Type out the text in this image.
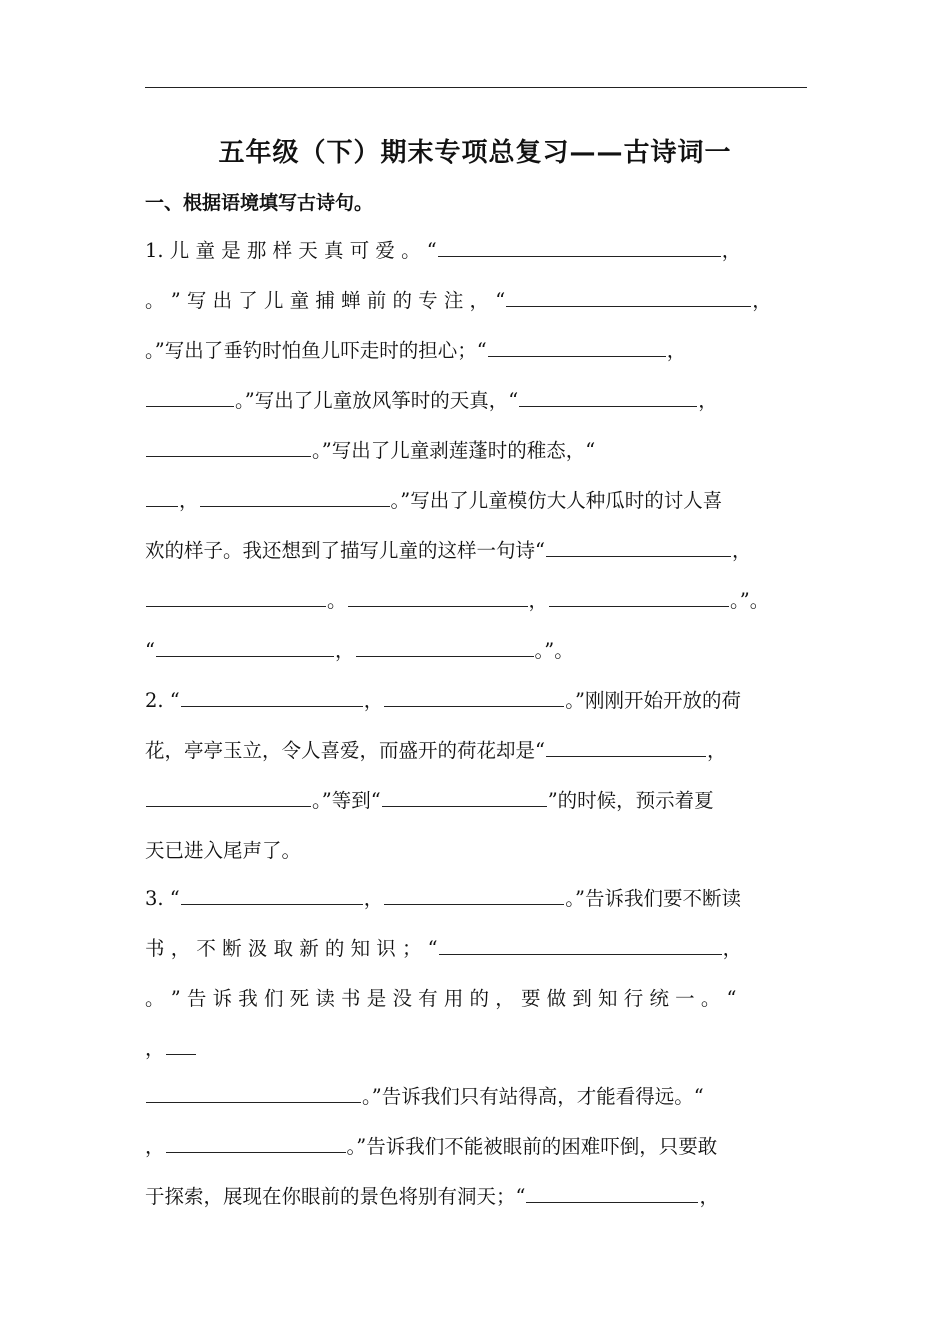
五年级（下）期末专项总复习——古诗词一
一、根据语境填写古诗句。
1. 儿 童 是 那 样 天 真 可 爱 。 “	，
。 ” 写 出 了 儿 童 捕 蝉 前 的 专 注 ， “	，
。”写出了垂钓时怕鱼儿吓走时的担心；“	，
。”写出了儿童放风筝时的天真，“	，
。”写出了儿童剥莲蓬时的稚态，“
，	。”写出了儿童模仿大人种瓜时的讨人喜
欢的样子。我还想到了描写儿童的这样一句诗“	，
。	，	。”。
“	，	。”。
2. “	，	。”刚刚开始开放的荷
花，亭亭玉立，令人喜爱，而盛开的荷花却是“	，
。”等到“	”的时候，预示着夏
天已进入尾声了。
3. “	，	。”告诉我们要不断读
书 ， 不 断 汲 取 新 的 知 识 ； “	，
。 ” 告 诉 我 们 死 读 书 是 没 有 用 的 ， 要 做 到 知 行 统 一 。 “
，
。”告诉我们只有站得高，才能看得远。“
，	。”告诉我们不能被眼前的困难吓倒，只要敢
于探索，展现在你眼前的景色将别有洞天；“	，
